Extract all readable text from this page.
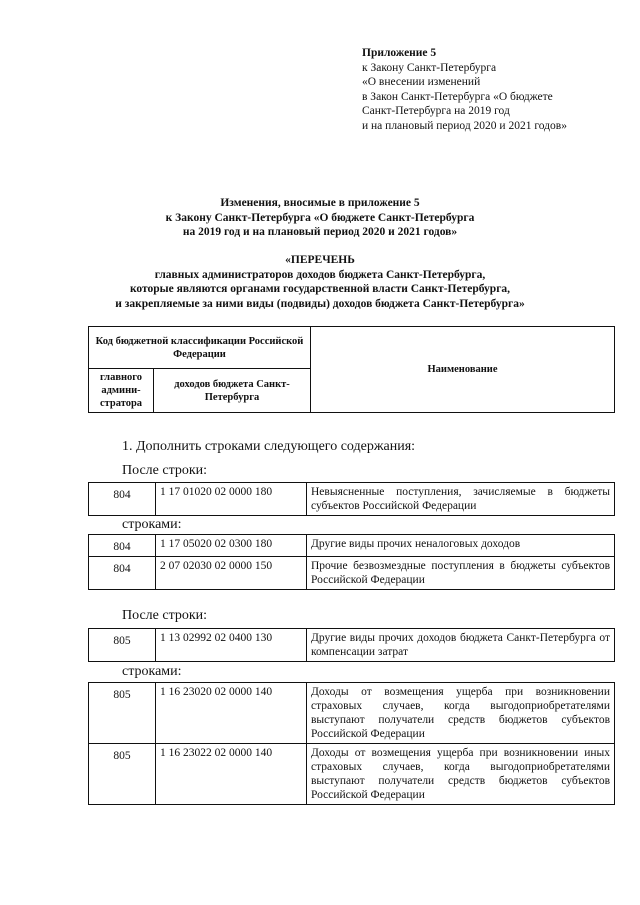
Приложение 5
к Закону Санкт-Петербурга
«О внесении изменений
в Закон Санкт-Петербурга «О бюджете
Санкт-Петербурга на 2019 год
и на плановый период 2020 и 2021 годов»
Изменения, вносимые в приложение 5
к Закону Санкт-Петербурга «О бюджете Санкт-Петербурга
на 2019 год и на плановый период 2020 и 2021 годов»
«ПЕРЕЧЕНЬ
главных администраторов доходов бюджета Санкт-Петербурга,
которые являются органами государственной власти Санкт-Петербурга,
и закрепляемые за ними виды (подвиды) доходов бюджета Санкт-Петербурга»
Код бюджетной классификации Российской Федерации		Наименование
главного админи-стратора	доходов бюджета Санкт-Петербурга	
1. Дополнить строками следующего содержания:
После строки:
804	1 17 01020 02 0000 180	Невыясненные поступления, зачисляемые в бюджеты субъектов Российской Федерации
строками:
804	1 17 05020 02 0300 180	Другие виды прочих неналоговых доходов
804	2 07 02030 02 0000 150	Прочие безвозмездные поступления в бюджеты субъектов Российской Федерации
После строки:
805	1 13 02992 02 0400 130	Другие виды прочих доходов бюджета Санкт-Петербурга от компенсации затрат
строками:
805	1 16 23020 02 0000 140	Доходы от возмещения ущерба при возникновении страховых случаев, когда выгодоприобретателями выступают получатели средств бюджетов субъектов Российской Федерации
805	1 16 23022 02 0000 140	Доходы от возмещения ущерба при возникновении иных страховых случаев, когда выгодоприобретателями выступают получатели средств бюджетов субъектов Российской Федерации
